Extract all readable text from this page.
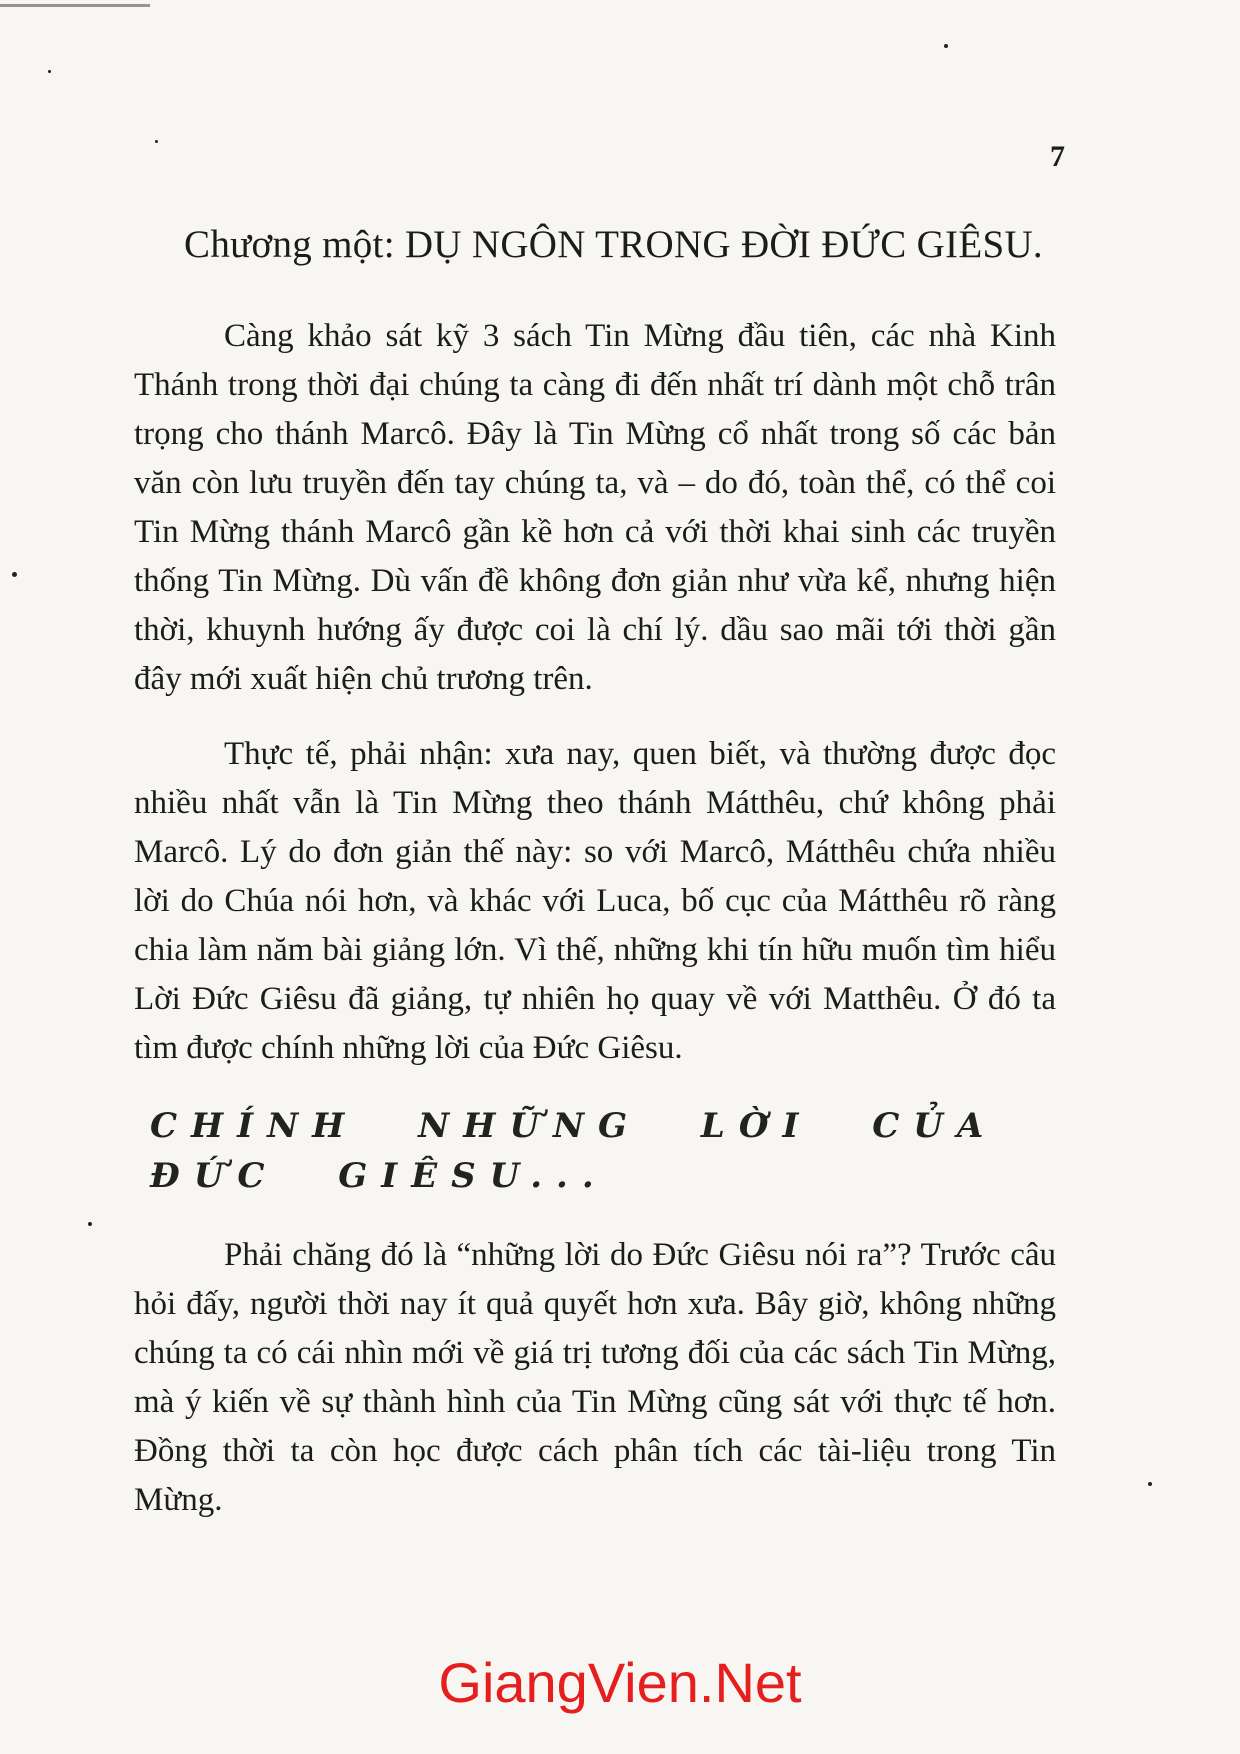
7
Chương một: DỤ NGÔN TRONG ĐỜI ĐỨC GIÊSU.

Càng khảo sát kỹ 3 sách Tin Mừng đầu tiên, các nhà Kinh Thánh trong thời đại chúng ta càng đi đến nhất trí dành một chỗ trân trọng cho thánh Marcô. Đây là Tin Mừng cổ nhất trong số các bản văn còn lưu truyền đến tay chúng ta, và – do đó, toàn thể, có thể coi Tin Mừng thánh Marcô gần kề hơn cả với thời khai sinh các truyền thống Tin Mừng. Dù vấn đề không đơn giản như vừa kể, nhưng hiện thời, khuynh hướng ấy được coi là chí lý. dầu sao mãi tới thời gần đây mới xuất hiện chủ trương trên.

Thực tế, phải nhận: xưa nay, quen biết, và thường được đọc nhiều nhất vẫn là Tin Mừng theo thánh Mátthêu, chứ không phải Marcô. Lý do đơn giản thế này: so với Marcô, Mátthêu chứa nhiều lời do Chúa nói hơn, và khác với Luca, bố cục của Mátthêu rõ ràng chia làm năm bài giảng lớn. Vì thế, những khi tín hữu muốn tìm hiểu Lời Đức Giêsu đã giảng, tự nhiên họ quay về với Matthêu. Ở đó ta tìm được chính những lời của Đức Giêsu.

CHÍNH NHỮNG LỜI CỦA ĐỨC GIÊSU...

Phải chăng đó là “những lời do Đức Giêsu nói ra”? Trước câu hỏi đấy, người thời nay ít quả quyết hơn xưa. Bây giờ, không những chúng ta có cái nhìn mới về giá trị tương đối của các sách Tin Mừng, mà ý kiến về sự thành hình của Tin Mừng cũng sát với thực tế hơn. Đồng thời ta còn học được cách phân tích các tài-liệu trong Tin Mừng.

GiangVien.Net
